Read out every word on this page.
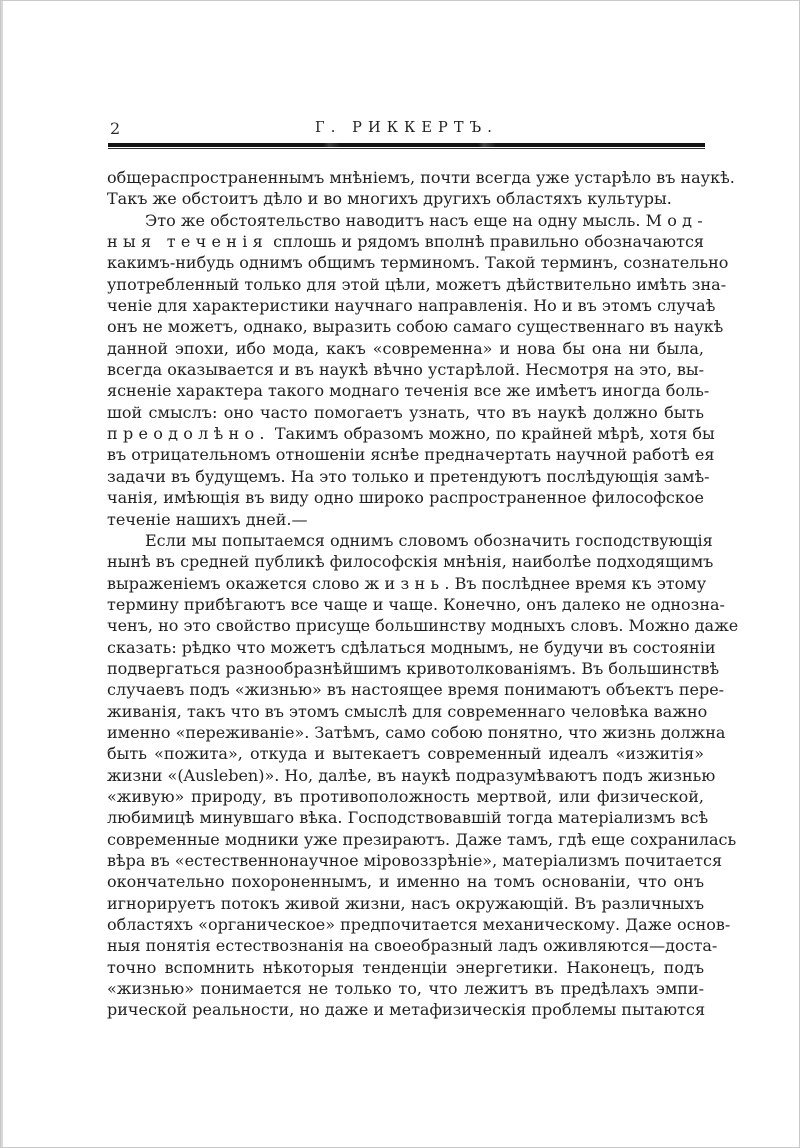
2	Г. РИККЕРТЪ.
общераспространеннымъ мнѣніемъ, почти всегда уже устарѣло въ наукѣ.
Такъ же обстоитъ дѣло и во многихъ другихъ областяхъ культуры.
Это же обстоятельство наводитъ насъ еще на одну мысль. Мод-
ныя теченія сплошь и рядомъ вполнѣ правильно обозначаются
какимъ-нибудь однимъ общимъ терминомъ. Такой терминъ, сознательно
употребленный только для этой цѣли, можетъ дѣйствительно имѣть зна-
ченіе для характеристики научнаго направленія. Но и въ этомъ случаѣ
онъ не можетъ, однако, выразить собою самаго существеннаго въ наукѣ
данной эпохи, ибо мода, какъ «современна» и нова бы она ни была,
всегда оказывается и въ наукѣ вѣчно устарѣлой. Несмотря на это, вы-
ясненіе характера такого моднаго теченія все же имѣетъ иногда боль-
шой смыслъ: оно часто помогаетъ узнать, что въ наукѣ должно быть
преодолѣно. Такимъ образомъ можно, по крайней мѣрѣ, хотя бы
въ отрицательномъ отношеніи яснѣе предначертать научной работѣ ея
задачи въ будущемъ. На это только и претендуютъ послѣдующія замѣ-
чанія, имѣющія въ виду одно широко распространенное философское
теченіе нашихъ дней.—
Если мы попытаемся однимъ словомъ обозначить господствующія
нынѣ въ средней публикѣ философскія мнѣнія, наиболѣе подходящимъ
выраженіемъ окажется слово жизнь. Въ послѣднее время къ этому
термину прибѣгаютъ все чаще и чаще. Конечно, онъ далеко не однозна-
ченъ, но это свойство присуще большинству модныхъ словъ. Можно даже
сказать: рѣдко что можетъ сдѣлаться моднымъ, не будучи въ состояніи
подвергаться разнообразнѣйшимъ кривотолкованіямъ. Въ большинствѣ
случаевъ подъ «жизнью» въ настоящее время понимаютъ объектъ пере-
живанія, такъ что въ этомъ смыслѣ для современнаго человѣка важно
именно «переживаніе». Затѣмъ, само собою понятно, что жизнь должна
быть «пожита», откуда и вытекаетъ современный идеалъ «изжитія»
жизни «(Ausleben)». Но, далѣе, въ наукѣ подразумѣваютъ подъ жизнью
«живую» природу, въ противоположность мертвой, или физической,
любимицѣ минувшаго вѣка. Господствовавшій тогда матеріализмъ всѣ
современные модники уже презираютъ. Даже тамъ, гдѣ еще сохранилась
вѣра въ «естественнонаучное міровоззрѣніе», матеріализмъ почитается
окончательно похороненнымъ, и именно на томъ основаніи, что онъ
игнорируетъ потокъ живой жизни, насъ окружающій. Въ различныхъ
областяхъ «органическое» предпочитается механическому. Даже основ-
ныя понятія естествознанія на своеобразный ладъ оживляются—доста-
точно вспомнить нѣкоторыя тенденціи энергетики. Наконецъ, подъ
«жизнью» понимается не только то, что лежитъ въ предѣлахъ эмпи-
рической реальности, но даже и метафизическія проблемы пытаются
